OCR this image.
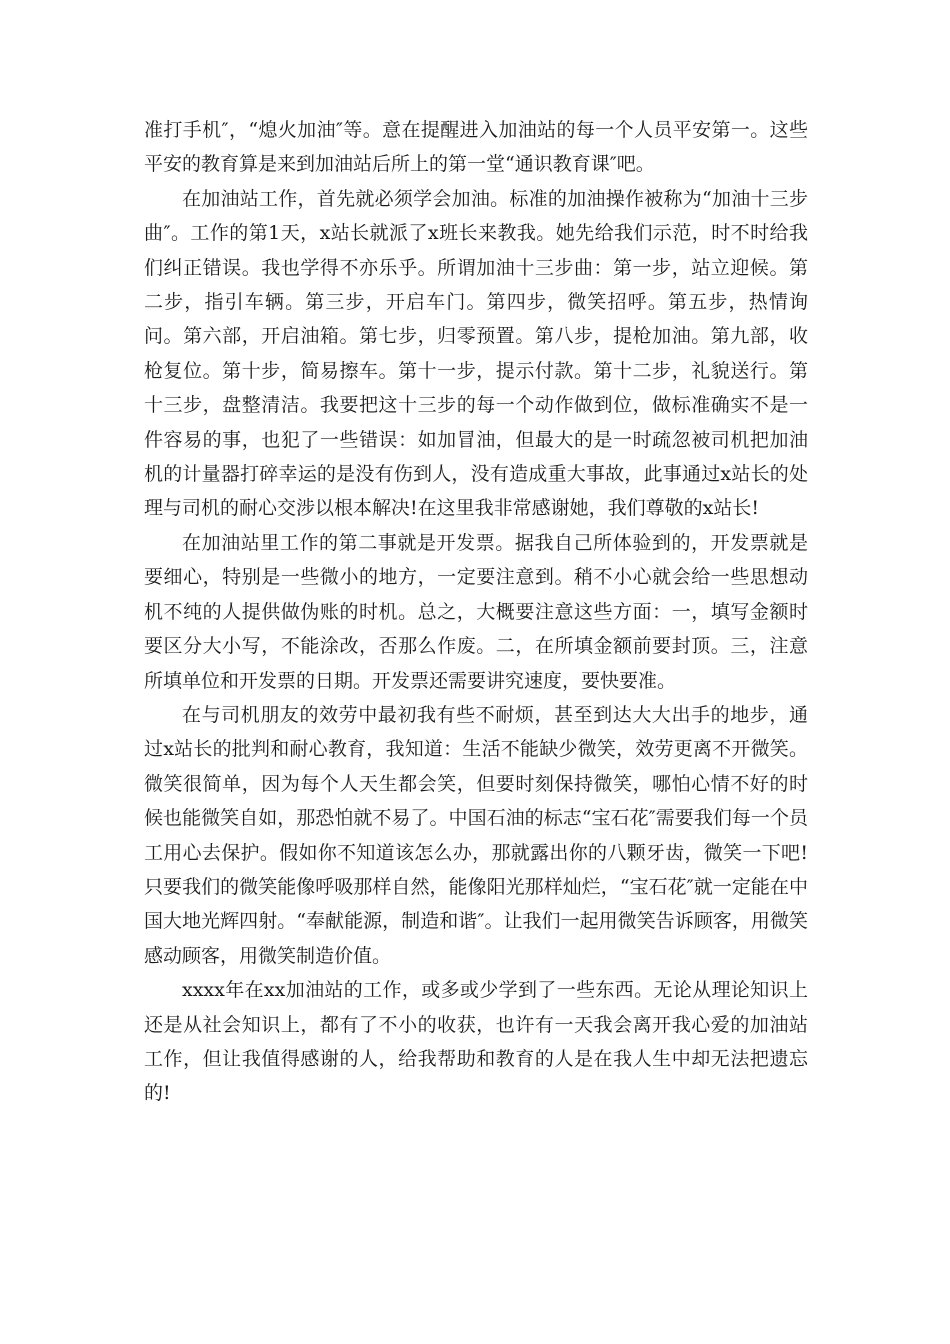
准打手机″，“熄火加油″等。意在提醒进入加油站的每一个人员平安第一。这些平安的教育算是来到加油站后所上的第一堂“通识教育课″吧。

在加油站工作，首先就必须学会加油。标准的加油操作被称为“加油十三步曲″。工作的第1天，x站长就派了x班长来教我。她先给我们示范，时不时给我们纠正错误。我也学得不亦乐乎。所谓加油十三步曲：第一步，站立迎候。第二步，指引车辆。第三步，开启车门。第四步，微笑招呼。第五步，热情询问。第六部，开启油箱。第七步，归零预置。第八步，提枪加油。第九部，收枪复位。第十步，简易擦车。第十一步，提示付款。第十二步，礼貌送行。第十三步，盘整清洁。我要把这十三步的每一个动作做到位，做标准确实不是一件容易的事，也犯了一些错误：如加冒油，但最大的是一时疏忽被司机把加油机的计量器打碎幸运的是没有伤到人，没有造成重大事故，此事通过x站长的处理与司机的耐心交涉以根本解决!在这里我非常感谢她，我们尊敬的x站长!

在加油站里工作的第二事就是开发票。据我自己所体验到的，开发票就是要细心，特别是一些微小的地方，一定要注意到。稍不小心就会给一些思想动机不纯的人提供做伪账的时机。总之，大概要注意这些方面：一，填写金额时要区分大小写，不能涂改，否那么作废。二，在所填金额前要封顶。三，注意所填单位和开发票的日期。开发票还需要讲究速度，要快要准。

在与司机朋友的效劳中最初我有些不耐烦，甚至到达大大出手的地步，通过x站长的批判和耐心教育，我知道：生活不能缺少微笑，效劳更离不开微笑。微笑很简单，因为每个人天生都会笑，但要时刻保持微笑，哪怕心情不好的时候也能微笑自如，那恐怕就不易了。中国石油的标志“宝石花″需要我们每一个员工用心去保护。假如你不知道该怎么办，那就露出你的八颗牙齿，微笑一下吧!只要我们的微笑能像呼吸那样自然，能像阳光那样灿烂，“宝石花″就一定能在中国大地光辉四射。“奉献能源，制造和谐″。让我们一起用微笑告诉顾客，用微笑感动顾客，用微笑制造价值。

xxxx年在xx加油站的工作，或多或少学到了一些东西。无论从理论知识上还是从社会知识上，都有了不小的收获，也许有一天我会离开我心爱的加油站工作，但让我值得感谢的人，给我帮助和教育的人是在我人生中却无法把遗忘的!
